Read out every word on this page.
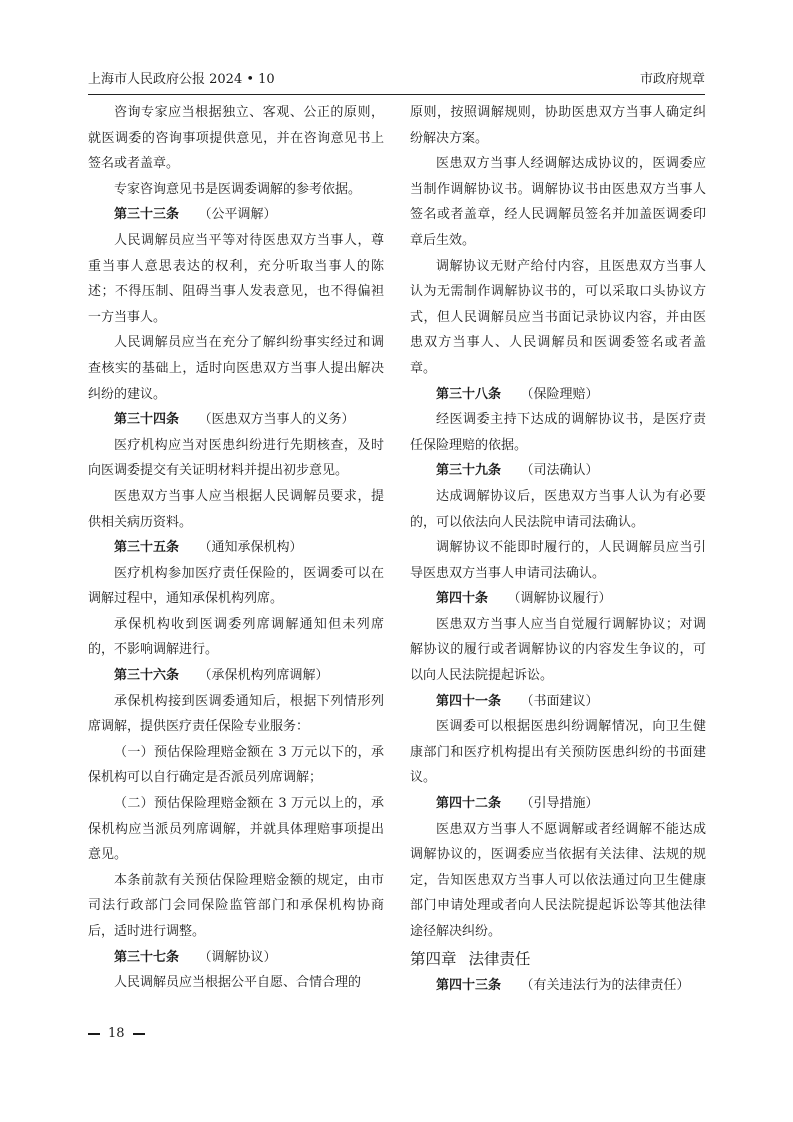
上海市人民政府公报 2024 • 10	市政府规章

咨询专家应当根据独立、客观、公正的原则，就医调委的咨询事项提供意见，并在咨询意见书上签名或者盖章。

专家咨询意见书是医调委调解的参考依据。

第三十三条 （公平调解）

人民调解员应当平等对待医患双方当事人，尊重当事人意思表达的权利，充分听取当事人的陈述；不得压制、阻碍当事人发表意见，也不得偏袒一方当事人。

人民调解员应当在充分了解纠纷事实经过和调查核实的基础上，适时向医患双方当事人提出解决纠纷的建议。

第三十四条 （医患双方当事人的义务）

医疗机构应当对医患纠纷进行先期核查，及时向医调委提交有关证明材料并提出初步意见。

医患双方当事人应当根据人民调解员要求，提供相关病历资料。

第三十五条 （通知承保机构）

医疗机构参加医疗责任保险的，医调委可以在调解过程中，通知承保机构列席。

承保机构收到医调委列席调解通知但未列席的，不影响调解进行。

第三十六条 （承保机构列席调解）

承保机构接到医调委通知后，根据下列情形列席调解，提供医疗责任保险专业服务：

（一）预估保险理赔金额在 3 万元以下的，承保机构可以自行确定是否派员列席调解；

（二）预估保险理赔金额在 3 万元以上的，承保机构应当派员列席调解，并就具体理赔事项提出意见。

本条前款有关预估保险理赔金额的规定，由市司法行政部门会同保险监管部门和承保机构协商后，适时进行调整。

第三十七条 （调解协议）

人民调解员应当根据公平自愿、合情合理的

原则，按照调解规则，协助医患双方当事人确定纠纷解决方案。

医患双方当事人经调解达成协议的，医调委应当制作调解协议书。调解协议书由医患双方当事人签名或者盖章，经人民调解员签名并加盖医调委印章后生效。

调解协议无财产给付内容，且医患双方当事人认为无需制作调解协议书的，可以采取口头协议方式，但人民调解员应当书面记录协议内容，并由医患双方当事人、人民调解员和医调委签名或者盖章。

第三十八条 （保险理赔）

经医调委主持下达成的调解协议书，是医疗责任保险理赔的依据。

第三十九条 （司法确认）

达成调解协议后，医患双方当事人认为有必要的，可以依法向人民法院申请司法确认。

调解协议不能即时履行的，人民调解员应当引导医患双方当事人申请司法确认。

第四十条 （调解协议履行）

医患双方当事人应当自觉履行调解协议；对调解协议的履行或者调解协议的内容发生争议的，可以向人民法院提起诉讼。

第四十一条 （书面建议）

医调委可以根据医患纠纷调解情况，向卫生健康部门和医疗机构提出有关预防医患纠纷的书面建议。

第四十二条 （引导措施）

医患双方当事人不愿调解或者经调解不能达成调解协议的，医调委应当依据有关法律、法规的规定，告知医患双方当事人可以依法通过向卫生健康部门申请处理或者向人民法院提起诉讼等其他法律途径解决纠纷。

第四章 法律责任

第四十三条 （有关违法行为的法律责任）

18
